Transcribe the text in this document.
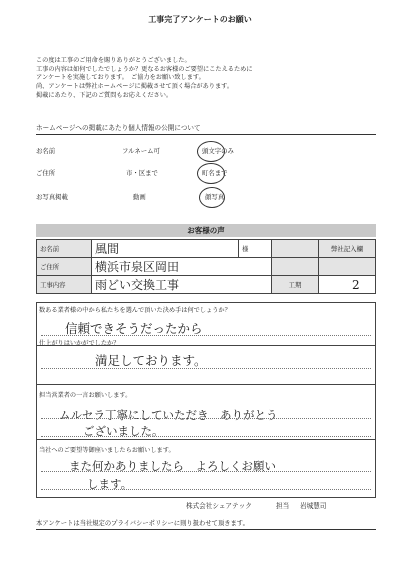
工事完了アンケートのお願い
この度は工事のご用命を賜りありがとうございました。
工事の内容は如何でしたでしょうか？更なるお客様のご要望にこたえるために
アンケートを実施しております。　ご協力をお願い致します。
尚、アンケートは弊社ホームページに掲載させて頂く場合があります。
掲載にあたり、下記のご質問もお応えください。
ホームページへの掲載にあたり個人情報の公開について
お名前	フルネーム可	頭文字のみ
ご住所	市・区まで	町名まで
お写真掲載	動画	顔写真
お客様の声
お名前	風間	様		弊社記入欄
ご住所	横浜市泉区岡田			
工事内容	雨どい交換工事		工期	2
数ある業者様の中から私たちを選んで頂いた決め手は何でしょうか？
信頼できそうだったから
仕上がりはいかがでしたか？
満足しております。
担当営業者の一言お願いします。
ムルセラ丁寧にしていただき　ありがとう
ございました。
当社へのご要望等御座いましたらお願いします。
また何かありましたら　よろしくお願い
します。
株式会社シェアテック	担当 岩城慧司
本アンケートは当社規定のプライバシーポリシーに則り扱わせて頂きます。
